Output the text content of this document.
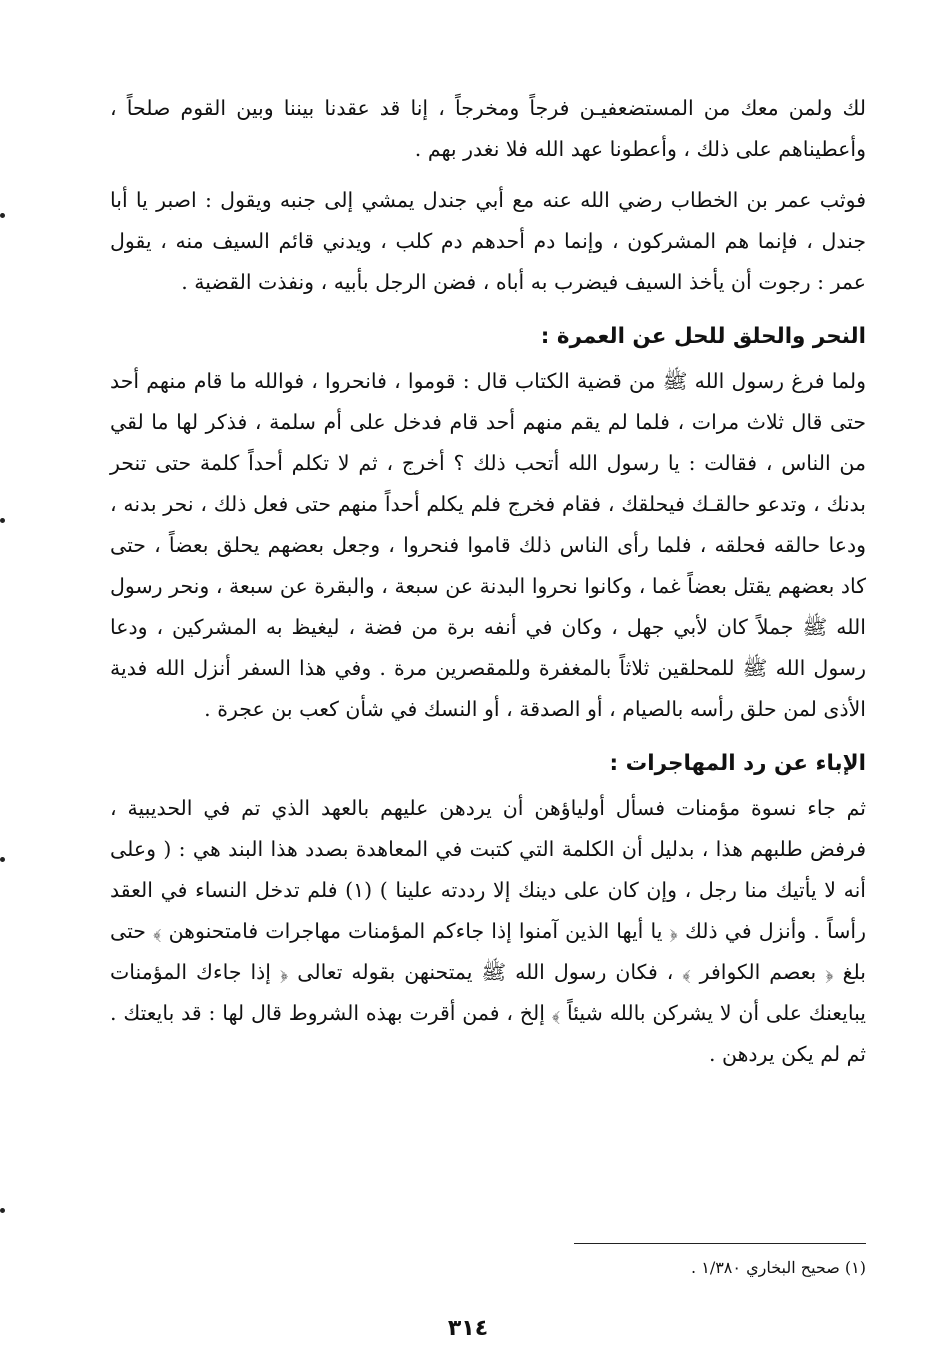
لك ولمن معك من المستضعفيـن فرجاً ومخرجاً ، إنا قد عقدنا بيننا وبين القوم صلحاً ، وأعطيناهم على ذلك ، وأعطونا عهد الله فلا نغدر بهم .

فوثب عمر بن الخطاب رضي الله عنه مع أبي جندل يمشي إلى جنبه ويقول : اصبر يا أبا جندل ، فإنما هم المشركون ، وإنما دم أحدهم دم كلب ، ويدني قائم السيف منه ، يقول عمر : رجوت أن يأخذ السيف فيضرب به أباه ، فضن الرجل بأبيه ، ونفذت القضية .

النحر والحلق للحل عن العمرة :

ولما فرغ رسول الله ﷺ من قضية الكتاب قال : قوموا ، فانحروا ، فوالله ما قام منهم أحد حتى قال ثلاث مرات ، فلما لم يقم منهم أحد قام فدخل على أم سلمة ، فذكر لها ما لقي من الناس ، فقالت : يا رسول الله أتحب ذلك ؟ أخرج ، ثم لا تكلم أحداً كلمة حتى تنحر بدنك ، وتدعو حالقـك فيحلقك ، فقام فخرج فلم يكلم أحداً منهم حتى فعل ذلك ، نحر بدنه ، ودعا حالقه فحلقه ، فلما رأى الناس ذلك قاموا فنحروا ، وجعل بعضهم يحلق بعضاً ، حتى كاد بعضهم يقتل بعضاً غما ، وكانوا نحروا البدنة عن سبعة ، والبقرة عن سبعة ، ونحر رسول الله ﷺ جملاً كان لأبي جهل ، وكان في أنفه برة من فضة ، ليغيظ به المشركين ، ودعا رسول الله ﷺ للمحلقين ثلاثاً بالمغفرة وللمقصرين مرة . وفي هذا السفر أنزل الله فدية الأذى لمن حلق رأسه بالصيام ، أو الصدقة ، أو النسك في شأن كعب بن عجرة .

الإباء عن رد المهاجرات :

ثم جاء نسوة مؤمنات فسأل أولياؤهن أن يردهن عليهم بالعهد الذي تم في الحديبية ، فرفض طلبهم هذا ، بدليل أن الكلمة التي كتبت في المعاهدة بصدد هذا البند هي : ( وعلى أنه لا يأتيك منا رجل ، وإن كان على دينك إلا رددته علينا ) (١) فلم تدخل النساء في العقد رأساً . وأنزل في ذلك ﴿ يا أيها الذين آمنوا إذا جاءكم المؤمنات مهاجرات فامتحنوهن ﴾ حتى بلغ ﴿ بعصم الكوافر ﴾ ، فكان رسول الله ﷺ يمتحنهن بقوله تعالى ﴿ إذا جاءك المؤمنات يبايعنك على أن لا يشركن بالله شيئاً ﴾ إلخ ، فمن أقرت بهذه الشروط قال لها : قد بايعتك . ثم لم يكن يردهن .

(١) صحيح البخاري ١/٣٨٠ .
٣١٤
